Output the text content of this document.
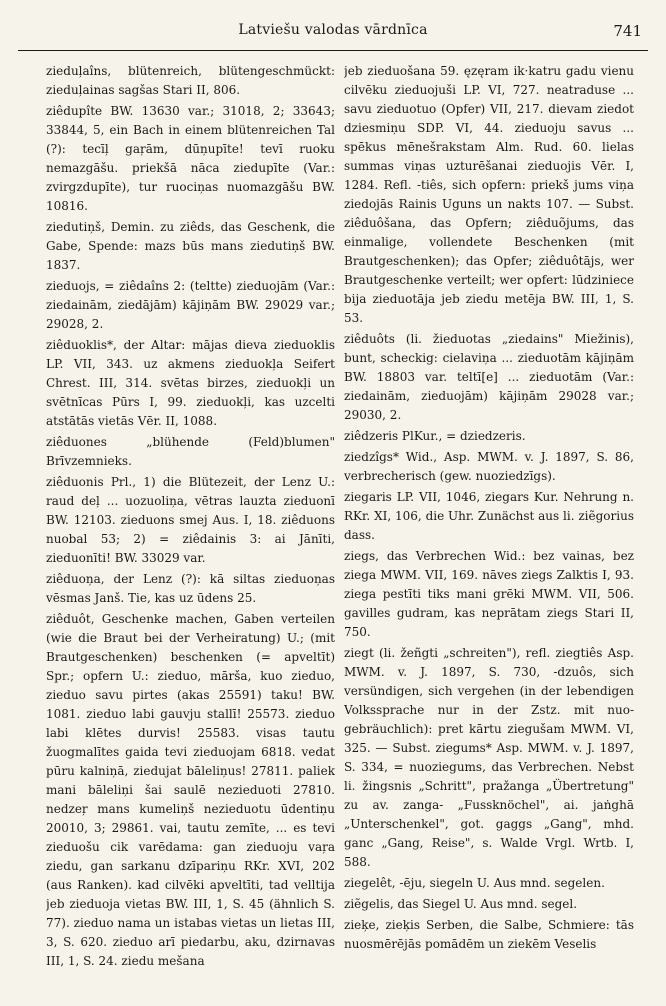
Latviešu valodas vārdnīca	741

zieduļaîns, blütenreich, blütengeschmückt: zieduļainas sagšas Stari II, 806.

ziêdupîte BW. 13630 var.; 31018, 2; 33643; 33844, 5, ein Bach in einem blütenreichen Tal (?): tecīļ gaŗām, dūņupīte! tevī ruoku nemazgāšu. priekšā nāca ziedupīte (Var.: zvirgzdupīte), tur ruociņas nuomazgāšu BW. 10816.

ziedutiņš, Demin. zu ziêds, das Geschenk, die Gabe, Spende: mazs būs mans ziedutiņš BW. 1837.

zieduojs, = ziêdaîns 2: (teltte) zieduojām (Var.: ziedainām, ziedājām) kājiņām BW. 29029 var.; 29028, 2.

ziêduoklis*, der Altar: mājas dieva zieduoklis LP. VII, 343. uz akmens zieduokļa Seifert Chrest. III, 314. svētas birzes, zieduokļi un svētnīcas Pūrs I, 99. zieduokļi, kas uzcelti atstātās vietās Vēr. II, 1088.

ziêduones „blühende (Feld)blumen" Brīvzemnieks.

ziêduonis Prl., 1) die Blütezeit, der Lenz U.: raud deļ ... uozuoliņa, vētras lauzta zieduonī BW. 12103. zieduons smej Aus. I, 18. ziêduons nuobal 53; 2) = ziêdainis 3: ai Jānīti, zieduonīti! BW. 33029 var.

ziêduoņa, der Lenz (?): kā siltas zieduoņas vēsmas Janš. Tie, kas uz ūdens 25.

ziêduôt, Geschenke machen, Gaben verteilen (wie die Braut bei der Verheiratung) U.; (mit Brautgeschenken) beschenken (= apveltīt) Spr.; opfern U.: zieduo, māršа, kuo zieduo, zieduo savu pirtes (akas 25591) taku! BW. 1081. zieduo labi gauvju stallī! 25573. zieduo labi klētes durvis! 25583. visas tautu žuogmalītes gaida tevi zieduojam 6818. vedat pūru kalniņā, ziedujat bāleliņus! 27811. paliek mani bāleliņi šai saulē nezieduoti 27810. nedzeŗ mans kumeliņš nezieduotu ūdentiņu 20010, 3; 29861. vai, tautu zemīte, ... es tevi zieduošu cik varēdama: gan zieduoju vaŗa ziedu, gan sarkanu dzīpariņu RKr. XVI, 202 (aus Ranken). kad cilvēki apveltīti, tad velltija jeb zieduoja vietas BW. III, 1, S. 45 (ähnlich S. 77). zieduo nama un istabas vietas un lietas III, 3, S. 620. zieduo arī piedarbu, aku, dzirnavas III, 1, S. 24. ziedu mešana

jeb zieduošana 59. ęzęram ik·katru gadu vienu cilvēku zieduojuši LP. VI, 727. neatraduse ... savu zieduotuo (Opfer) VII, 217. dievam ziedot dziesmiņu SDP. VI, 44. zieduoju savus ... spēkus mēnešrakstam Alm. Rud. 60. lielas summas viņas uzturēšanai zieduojis Vēr. I, 1284. Refl. -tiês, sich opfern: priekš jums viņa ziedojās Rainis Uguns un nakts 107. — Subst. ziêduôšana, das Opfern; ziêduõjums, das einmalige, vollendete Beschenken (mit Brautgeschenken); das Opfer; ziêduôtājs, wer Brautgeschenke verteilt; wer opfert: lūdziniece bija zieduotāja jeb ziedu metēja BW. III, 1, S. 53.

ziêduôts (li. žieduotas „ziedains" Miežinis), bunt, scheckig: cielaviņa ... zieduotām kājiņām BW. 18803 var. teltī[e] ... zieduotām (Var.: ziedainām, zieduojām) kājiņām 29028 var.; 29030, 2.

ziêdzeris PlKur., = dziedzeris.

ziedzîgs* Wid., Asp. MWM. v. J. 1897, S. 86, verbrecherisch (gew. nuoziedzīgs).

ziegaris LP. VII, 1046, ziegars Kur. Nehrung n. RKr. XI, 106, die Uhr. Zunächst aus li. ziẽgorius dass.

ziegs, das Verbrechen Wid.: bez vainas, bez ziega MWM. VII, 169. nāves ziegs Zalktis I, 93. ziega pestīti tiks mani grēki MWM. VII, 506. gavilles gudram, kas neprātam ziegs Stari II, 750.

ziegt (li. žeñgti „schreiten"), refl. ziegtiês Asp. MWM. v. J. 1897, S. 730, -dzuôs, sich versündigen, sich vergehen (in der lebendigen Volkssprache nur in der Zstz. mit nuo- gebräuchlich): pret kārtu ziegušam MWM. VI, 325. — Subst. ziegums* Asp. MWM. v. J. 1897, S. 334, = nuoziegums, das Verbrechen. Nebst li. žingsnis „Schritt", pražanga „Übertretung" zu av. zanga- „Fussknöchel", ai. jaṅghā „Unterschenkel", got. gaggs „Gang", mhd. ganc „Gang, Reise", s. Walde Vrgl. Wrtb. I, 588.

ziegelêt, -ēju, siegeln U. Aus mnd. segelen.

ziẽgelis, das Siegel U. Aus mnd. segel.

zieķe, zieķis Serben, die Salbe, Schmiere: tās nuosmērējās pomādēm un ziekēm Veselis
